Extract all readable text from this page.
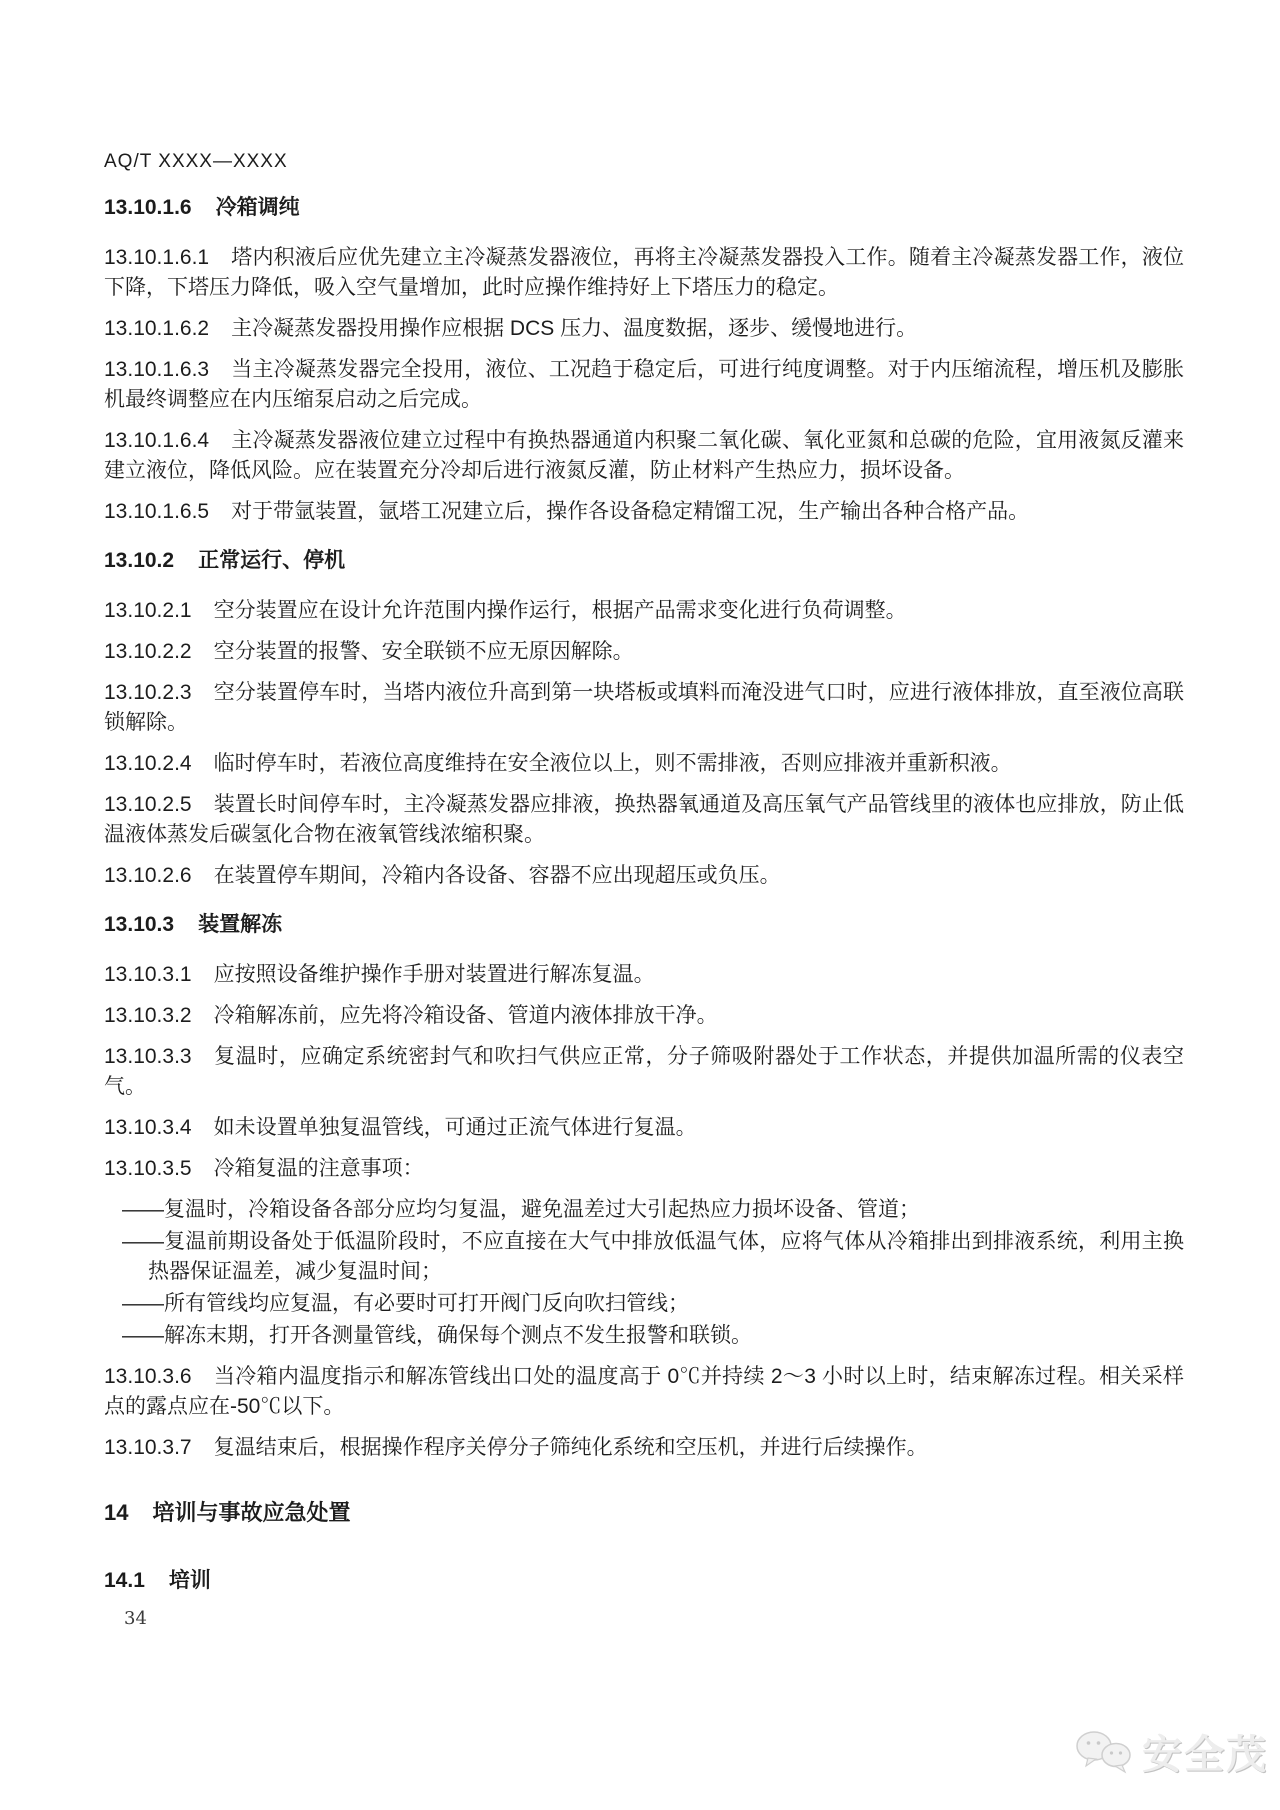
AQ/T XXXX—XXXX
13.10.1.6 冷箱调纯
13.10.1.6.1 塔内积液后应优先建立主冷凝蒸发器液位，再将主冷凝蒸发器投入工作。随着主冷凝蒸发器工作，液位下降，下塔压力降低，吸入空气量增加，此时应操作维持好上下塔压力的稳定。
13.10.1.6.2 主冷凝蒸发器投用操作应根据 DCS 压力、温度数据，逐步、缓慢地进行。
13.10.1.6.3 当主冷凝蒸发器完全投用，液位、工况趋于稳定后，可进行纯度调整。对于内压缩流程，增压机及膨胀机最终调整应在内压缩泵启动之后完成。
13.10.1.6.4 主冷凝蒸发器液位建立过程中有换热器通道内积聚二氧化碳、氧化亚氮和总碳的危险，宜用液氮反灌来建立液位，降低风险。应在装置充分冷却后进行液氮反灌，防止材料产生热应力，损坏设备。
13.10.1.6.5 对于带氩装置，氩塔工况建立后，操作各设备稳定精馏工况，生产输出各种合格产品。
13.10.2 正常运行、停机
13.10.2.1 空分装置应在设计允许范围内操作运行，根据产品需求变化进行负荷调整。
13.10.2.2 空分装置的报警、安全联锁不应无原因解除。
13.10.2.3 空分装置停车时，当塔内液位升高到第一块塔板或填料而淹没进气口时，应进行液体排放，直至液位高联锁解除。
13.10.2.4 临时停车时，若液位高度维持在安全液位以上，则不需排液，否则应排液并重新积液。
13.10.2.5 装置长时间停车时，主冷凝蒸发器应排液，换热器氧通道及高压氧气产品管线里的液体也应排放，防止低温液体蒸发后碳氢化合物在液氧管线浓缩积聚。
13.10.2.6 在装置停车期间，冷箱内各设备、容器不应出现超压或负压。
13.10.3 装置解冻
13.10.3.1 应按照设备维护操作手册对装置进行解冻复温。
13.10.3.2 冷箱解冻前，应先将冷箱设备、管道内液体排放干净。
13.10.3.3 复温时，应确定系统密封气和吹扫气供应正常，分子筛吸附器处于工作状态，并提供加温所需的仪表空气。
13.10.3.4 如未设置单独复温管线，可通过正流气体进行复温。
13.10.3.5 冷箱复温的注意事项：
——复温时，冷箱设备各部分应均匀复温，避免温差过大引起热应力损坏设备、管道；
——复温前期设备处于低温阶段时，不应直接在大气中排放低温气体，应将气体从冷箱排出到排液系统，利用主换热器保证温差，减少复温时间；
——所有管线均应复温，有必要时可打开阀门反向吹扫管线；
——解冻末期，打开各测量管线，确保每个测点不发生报警和联锁。
13.10.3.6 当冷箱内温度指示和解冻管线出口处的温度高于 0℃并持续 2～3 小时以上时，结束解冻过程。相关采样点的露点应在-50℃以下。
13.10.3.7 复温结束后，根据操作程序关停分子筛纯化系统和空压机，并进行后续操作。
14 培训与事故应急处置
14.1 培训
34
安全茂
